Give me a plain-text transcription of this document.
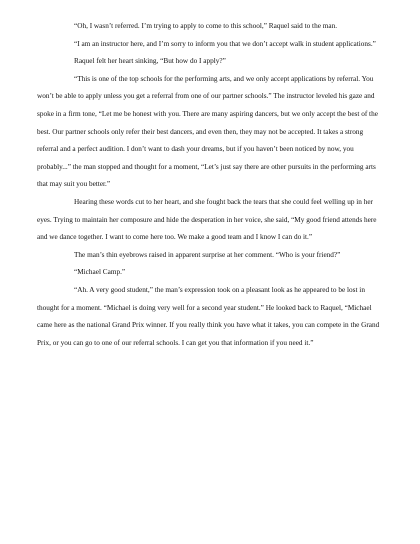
“Oh, I wasn’t referred. I’m trying to apply to come to this school,” Raquel said to the man.

“I am an instructor here, and I’m sorry to inform you that we don’t accept walk in student applications.”

Raquel felt her heart sinking, “But how do I apply?”

“This is one of the top schools for the performing arts, and we only accept applications by referral. You won’t be able to apply unless you get a referral from one of our partner schools.” The instructor leveled his gaze and spoke in a firm tone, “Let me be honest with you. There are many aspiring dancers, but we only accept the best of the best. Our partner schools only refer their best dancers, and even then, they may not be accepted. It takes a strong referral and a perfect audition. I don’t want to dash your dreams, but if you haven’t been noticed by now, you probably...” the man stopped and thought for a moment, “Let’s just say there are other pursuits in the performing arts that may suit you better.”

Hearing these words cut to her heart, and she fought back the tears that she could feel welling up in her eyes. Trying to maintain her composure and hide the desperation in her voice, she said, “My good friend attends here and we dance together. I want to come here too. We make a good team and I know I can do it.”

The man’s thin eyebrows raised in apparent surprise at her comment. “Who is your friend?”

“Michael Camp.”

“Ah. A very good student,” the man’s expression took on a pleasant look as he appeared to be lost in thought for a moment. “Michael is doing very well for a second year student.” He looked back to Raquel, “Michael came here as the national Grand Prix winner. If you really think you have what it takes, you can compete in the Grand Prix, or you can go to one of our referral schools. I can get you that information if you need it.”
